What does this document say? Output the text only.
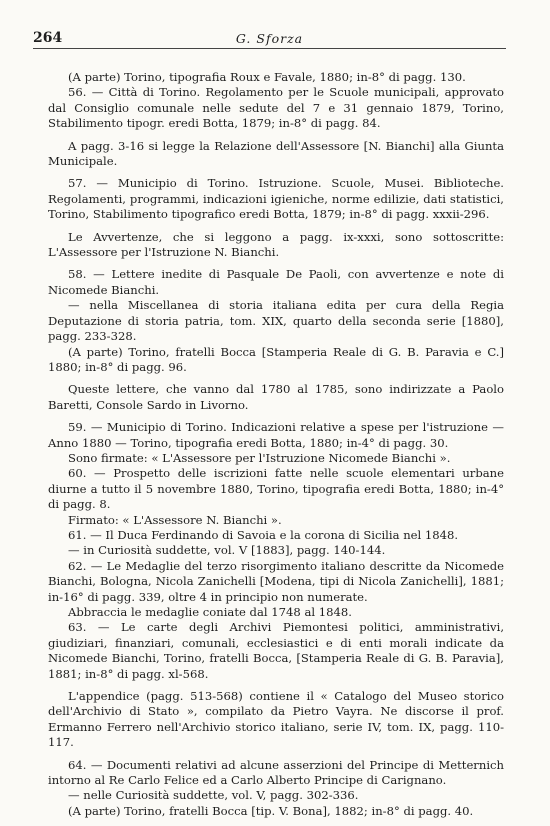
264	G. Sforza

(A parte) Torino, tipografia Roux e Favale, 1880; in-8° di pagg. 130.

56. — Città di Torino. Regolamento per le Scuole municipali, approvato dal Consiglio comunale nelle sedute del 7 e 31 gennaio 1879, Torino, Stabilimento tipogr. eredi Botta, 1879; in-8° di pagg. 84.

A pagg. 3-16 si legge la Relazione dell'Assessore [N. Bianchi] alla Giunta Municipale.

57. — Municipio di Torino. Istruzione. Scuole, Musei. Biblioteche. Regolamenti, programmi, indicazioni igieniche, norme edilizie, dati statistici, Torino, Stabilimento tipografico eredi Botta, 1879; in-8° di pagg. xxxii-296.

Le Avvertenze, che si leggono a pagg. ix-xxxi, sono sottoscritte: L'Assessore per l'Istruzione N. Bianchi.

58. — Lettere inedite di Pasquale De Paoli, con avvertenze e note di Nicomede Bianchi.

— nella Miscellanea di storia italiana edita per cura della Regia Deputazione di storia patria, tom. XIX, quarto della seconda serie [1880], pagg. 233-328.

(A parte) Torino, fratelli Bocca [Stamperia Reale di G. B. Paravia e C.] 1880; in-8° di pagg. 96.

Queste lettere, che vanno dal 1780 al 1785, sono indirizzate a Paolo Baretti, Console Sardo in Livorno.

59. — Municipio di Torino. Indicazioni relative a spese per l'istruzione — Anno 1880 — Torino, tipografia eredi Botta, 1880; in-4° di pagg. 30.

Sono firmate: « L'Assessore per l'Istruzione Nicomede Bianchi ».

60. — Prospetto delle iscrizioni fatte nelle scuole elementari urbane diurne a tutto il 5 novembre 1880, Torino, tipografia eredi Botta, 1880; in-4° di pagg. 8.

Firmato: « L'Assessore N. Bianchi ».

61. — Il Duca Ferdinando di Savoia e la corona di Sicilia nel 1848.

— in Curiosità suddette, vol. V [1883], pagg. 140-144.

62. — Le Medaglie del terzo risorgimento italiano descritte da Nicomede Bianchi, Bologna, Nicola Zanichelli [Modena, tipi di Nicola Zanichelli], 1881; in-16° di pagg. 339, oltre 4 in principio non numerate.

Abbraccia le medaglie coniate dal 1748 al 1848.

63. — Le carte degli Archivi Piemontesi politici, amministrativi, giudiziari, finanziari, comunali, ecclesiastici e di enti morali indicate da Nicomede Bianchi, Torino, fratelli Bocca, [Stamperia Reale di G. B. Paravia], 1881; in-8° di pagg. xl-568.

L'appendice (pagg. 513-568) contiene il « Catalogo del Museo storico dell'Archivio di Stato », compilato da Pietro Vayra. Ne discorse il prof. Ermanno Ferrero nell'Archivio storico italiano, serie IV, tom. IX, pagg. 110-117.

64. — Documenti relativi ad alcune asserzioni del Principe di Metternich intorno al Re Carlo Felice ed a Carlo Alberto Principe di Carignano.

— nelle Curiosità suddette, vol. V, pagg. 302-336.

(A parte) Torino, fratelli Bocca [tip. V. Bona], 1882; in-8° di pagg. 40.
